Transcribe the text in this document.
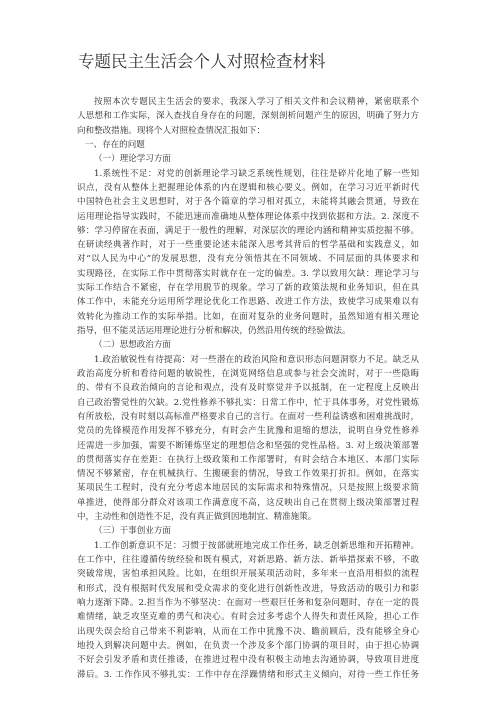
专题民主生活会个人对照检查材料
按照本次专题民主生活会的要求，我深入学习了相关文件和会议精神，紧密联系个
人思想和工作实际，深入查找自身存在的问题，深刻剖析问题产生的原因，明确了努力方
向和整改措施。现将个人对照检查情况汇报如下：
一、存在的问题
（一）理论学习方面
1.系统性不足：对党的创新理论学习缺乏系统性规划，往往是碎片化地了解一些知
识点，没有从整体上把握理论体系的内在逻辑和核心要义。例如，在学习习近平新时代
中国特色社会主义思想时，对于各个篇章的学习相对孤立，未能将其融会贯通，导致在
运用理论指导实践时，不能迅速而准确地从整体理论体系中找到依据和方法。2. 深度不
够：学习停留在表面，满足于一般性的理解，对深层次的理论内涵和精神实质挖掘不够。
在研读经典著作时，对于一些重要论述未能深入思考其背后的哲学基础和实践意义，如
对“以人民为中心”的发展思想，没有充分领悟其在不同领域、不同层面的具体要求和
实现路径，在实际工作中贯彻落实时就存在一定的偏差。3. 学以致用欠缺：理论学习与
实际工作结合不紧密，存在学用脱节的现象。学习了新的政策法规和业务知识，但在具
体工作中，未能充分运用所学理论优化工作思路、改进工作方法，致使学习成果难以有
效转化为推动工作的实际举措。比如，在面对复杂的业务问题时，虽然知道有相关理论
指导，但不能灵活运用理论进行分析和解决，仍然沿用传统的经验做法。
（二）思想政治方面
1.政治敏锐性有待提高：对一些潜在的政治风险和意识形态问题洞察力不足。缺乏从
政治高度分析和看待问题的敏锐性，在浏览网络信息或参与社会交流时，对于一些隐晦
的、带有不良政治倾向的言论和观点，没有及时察觉并予以抵制，在一定程度上反映出
自己政治警觉性的欠缺。2.党性修养不够扎实：日常工作中，忙于具体事务，对党性锻炼
有所放松，没有时刻以高标准严格要求自己的言行。在面对一些利益诱惑和困难挑战时，
党员的先锋模范作用发挥不够充分，有时会产生犹豫和退缩的想法，说明自身党性修养
还需进一步加强，需要不断锤炼坚定的理想信念和坚强的党性品格。3. 对上级决策部署
的贯彻落实存在差距：在执行上级政策和工作部署时，有时会结合本地区、本部门实际
情况不够紧密，存在机械执行、生搬硬套的情况，导致工作效果打折扣。例如，在落实
某项民生工程时，没有充分考虑本地居民的实际需求和特殊情况，只是按照上级要求简
单推进，使得部分群众对该项工作满意度不高，这反映出自己在贯彻上级决策部署过程
中，主动性和创造性不足，没有真正做到因地制宜、精准施策。
（三）干事创业方面
1.工作创新意识不足：习惯于按部就班地完成工作任务，缺乏创新思维和开拓精神。
在工作中，往往遵循传统经验和既有模式，对新思路、新方法、新举措探索不够，不敢
突破常规，害怕承担风险。比如，在组织开展某项活动时，多年来一直沿用相似的流程
和形式，没有根据时代发展和受众需求的变化进行创新性改进，导致活动的吸引力和影
响力逐渐下降。2.担当作为不够坚决：在面对一些艰巨任务和复杂问题时，存在一定的畏
难情绪，缺乏攻坚克难的勇气和决心。有时会过多考虑个人得失和责任风险，担心工作
出现失误会给自己带来不利影响，从而在工作中犹豫不决、瞻前顾后，没有能够全身心
地投入到解决问题中去。例如，在负责一个涉及多个部门协调的项目时，由于担心协调
不好会引发矛盾和责任推诿，在推进过程中没有积极主动地去沟通协调，导致项目进度
滞后。3. 工作作风不够扎实：工作中存在浮躁情绪和形式主义倾向，对待一些工作任务
